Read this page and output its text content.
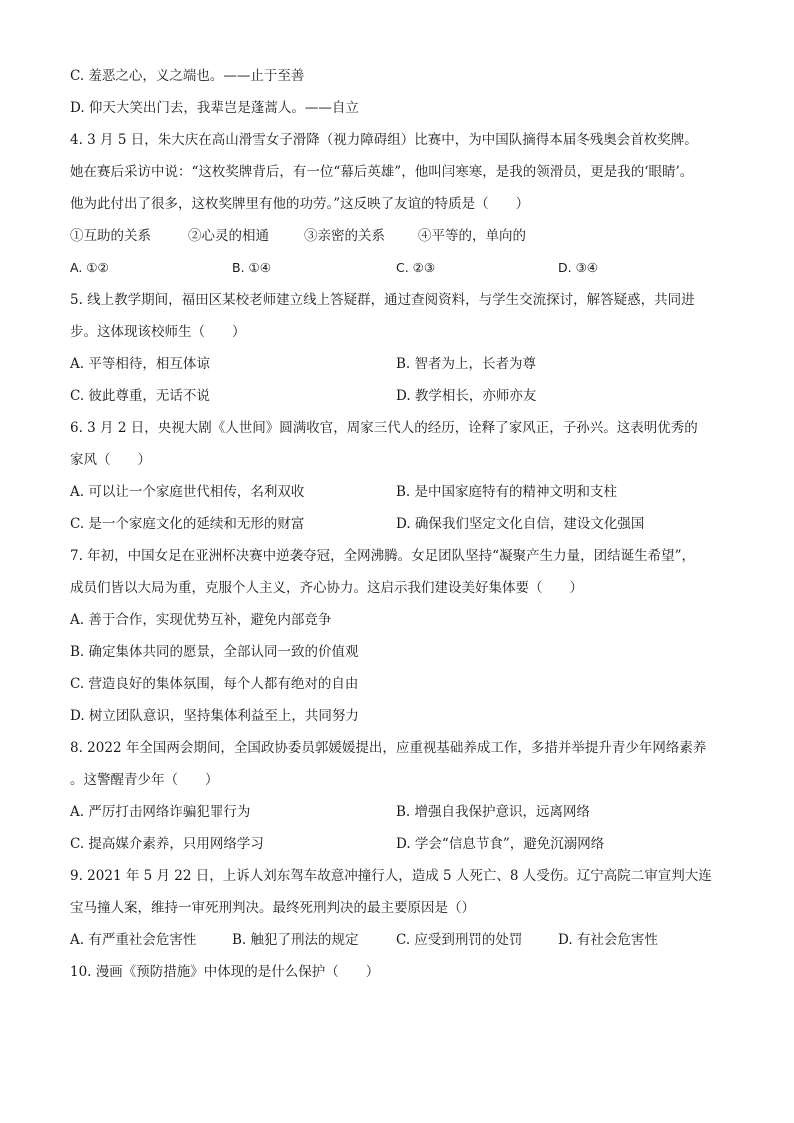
C. 羞恶之心，义之端也。——止于至善
D. 仰天大笑出门去，我辈岂是蓬蒿人。——自立
4. 3 月 5 日，朱大庆在高山滑雪女子滑降（视力障碍组）比赛中，为中国队摘得本届冬残奥会首枚奖牌。
她在赛后采访中说：“这枚奖牌背后，有一位“幕后英雄”，他叫闫寒寒，是我的领滑员，更是我的‘眼睛’。
他为此付出了很多，这枚奖牌里有他的功劳。”这反映了友谊的特质是（　　）
①互助的关系	②心灵的相通	③亲密的关系 ④平等的，单向的
A. ①②	B. ①④	C. ②③	D. ③④
5. 线上教学期间，福田区某校老师建立线上答疑群，通过查阅资料，与学生交流探讨，解答疑惑，共同进
步。这体现该校师生（　　）
A. 平等相待，相互体谅	B. 智者为上，长者为尊
C. 彼此尊重，无话不说	D. 教学相长，亦师亦友
6. 3 月 2 日，央视大剧《人世间》圆满收官，周家三代人的经历，诠释了家风正，子孙兴。这表明优秀的
家风（　　）
A. 可以让一个家庭世代相传，名利双收	B. 是中国家庭特有的精神文明和支柱
C. 是一个家庭文化的延续和无形的财富	D. 确保我们坚定文化自信，建设文化强国
7. 年初，中国女足在亚洲杯决赛中逆袭夺冠，全网沸腾。女足团队坚持“凝聚产生力量，团结诞生希望”，
成员们皆以大局为重，克服个人主义，齐心协力。这启示我们建设美好集体要（　　）
A. 善于合作，实现优势互补，避免内部竞争
B. 确定集体共同的愿景，全部认同一致的价值观
C. 营造良好的集体氛围，每个人都有绝对的自由
D. 树立团队意识，坚持集体利益至上，共同努力
8. 2022 年全国两会期间，全国政协委员郭媛媛提出，应重视基础养成工作，多措并举提升青少年网络素养
。这警醒青少年（　　）
A. 严厉打击网络诈骗犯罪行为	B. 增强自我保护意识，远离网络
C. 提高媒介素养，只用网络学习	D. 学会“信息节食”，避免沉溺网络
9. 2021 年 5 月 22 日，上诉人刘东驾车故意冲撞行人，造成 5 人死亡、8 人受伤。辽宁高院二审宣判大连
宝马撞人案，维持一审死刑判决。最终死刑判决的最主要原因是（）
A. 有严重社会危害性	B. 触犯了刑法的规定	C. 应受到刑罚的处罚	D. 有社会危害性
10. 漫画《预防措施》中体现的是什么保护（　　）
